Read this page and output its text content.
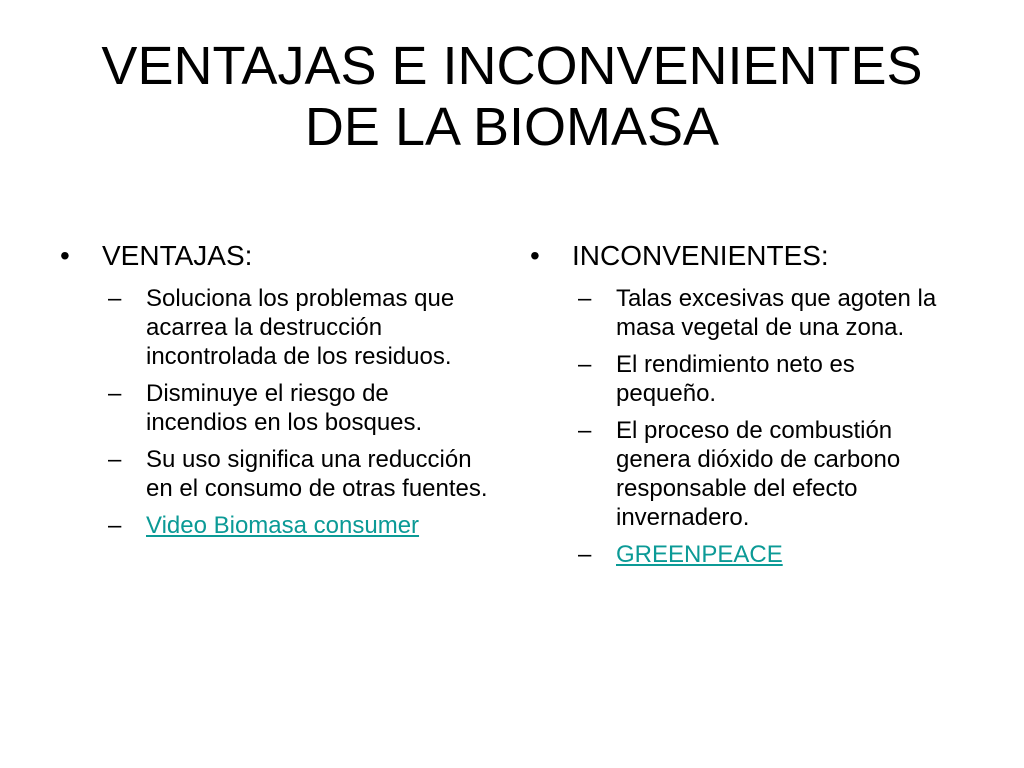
VENTAJAS E INCONVENIENTES
DE LA BIOMASA
•	VENTAJAS:
–	Soluciona los problemas que acarrea la destrucción incontrolada de los residuos.
–	Disminuye el riesgo de incendios en los bosques.
–	Su uso significa una reducción en el consumo de otras fuentes.
–	Video Biomasa consumer
•	INCONVENIENTES:
–	Talas excesivas que agoten la masa vegetal de una zona.
–	El rendimiento neto es pequeño.
–	El proceso de combustión genera dióxido de carbono responsable del efecto invernadero.
–	GREENPEACE
